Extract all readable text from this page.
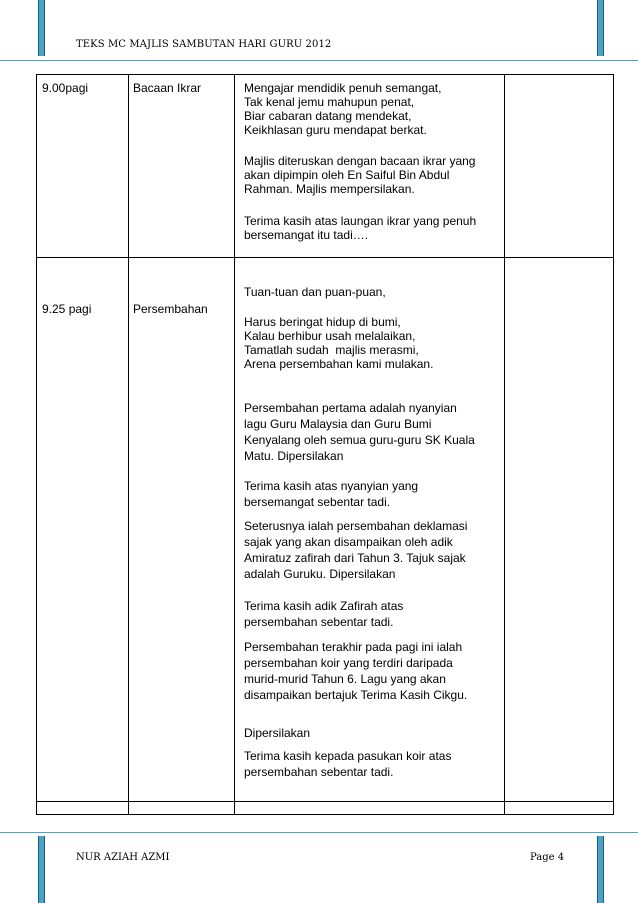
TEKS MC MAJLIS SAMBUTAN HARI GURU 2012
9.00pagi	Bacaan Ikrar	Mengajar mendidik penuh semangat,
Tak kenal jemu mahupun penat,
Biar cabaran datang mendekat,
Keikhlasan guru mendapat berkat.

Majlis diteruskan dengan bacaan ikrar yang
akan dipimpin oleh En Saiful Bin Abdul
Rahman. Majlis mempersilakan.

Terima kasih atas laungan ikrar yang penuh
bersemangat itu tadi….

9.25 pagi	Persembahan

Tuan-tuan dan puan-puan,

Harus beringat hidup di bumi,
Kalau berhibur usah melalaikan,
Tamatlah sudah  majlis merasmi,
Arena persembahan kami mulakan.

Persembahan pertama adalah nyanyian
lagu Guru Malaysia dan Guru Bumi
Kenyalang oleh semua guru-guru SK Kuala
Matu. Dipersilakan

Terima kasih atas nyanyian yang
bersemangat sebentar tadi.

Seterusnya ialah persembahan deklamasi
sajak yang akan disampaikan oleh adik
Amiratuz zafirah dari Tahun 3. Tajuk sajak
adalah Guruku. Dipersilakan

Terima kasih adik Zafirah atas
persembahan sebentar tadi.

Persembahan terakhir pada pagi ini ialah
persembahan koir yang terdiri daripada
murid-murid Tahun 6. Lagu yang akan
disampaikan bertajuk Terima Kasih Cikgu.

Dipersilakan

Terima kasih kepada pasukan koir atas
persembahan sebentar tadi.

NUR AZIAH AZMI	Page 4
